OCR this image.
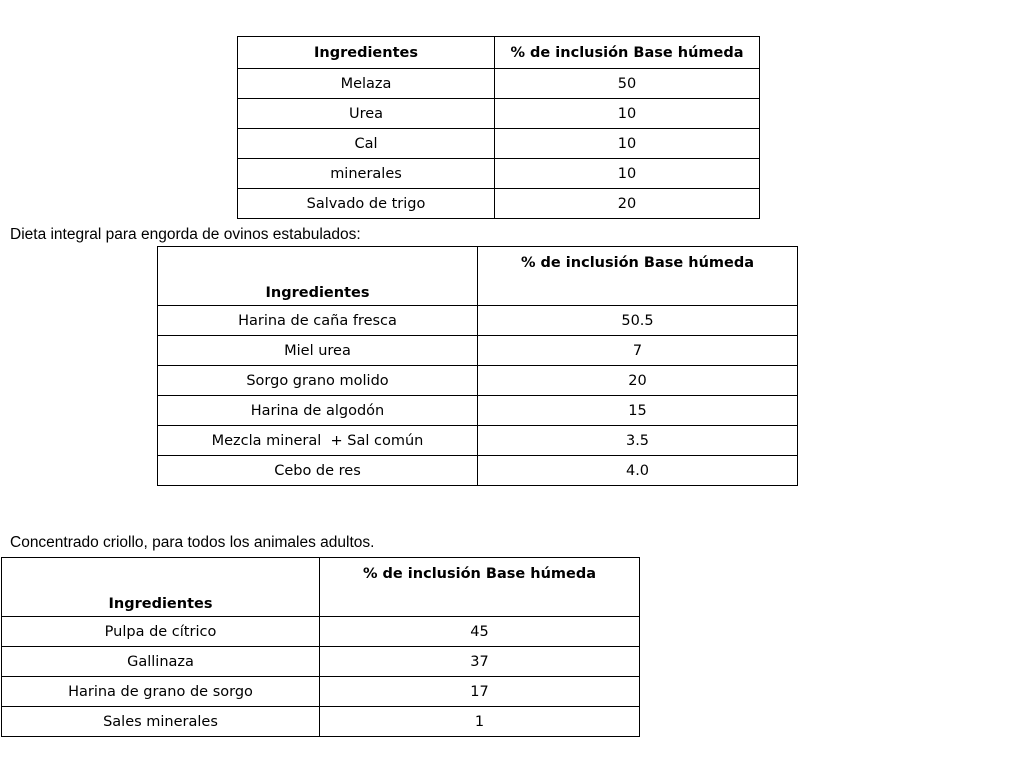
Ingredientes	% de inclusión Base húmeda
Melaza	50
Urea	10
Cal	10
minerales	10
Salvado de trigo	20
Dieta integral para engorda de ovinos estabulados:
Ingredientes	% de inclusión Base húmeda
Harina de caña fresca	50.5
Miel urea	7
Sorgo grano molido	20
Harina de algodón	15
Mezcla mineral  + Sal común	3.5
Cebo de res	4.0
Concentrado criollo, para todos los animales adultos.
Ingredientes	% de inclusión Base húmeda
Pulpa de cítrico	45
Gallinaza	37
Harina de grano de sorgo	17
Sales minerales	1
